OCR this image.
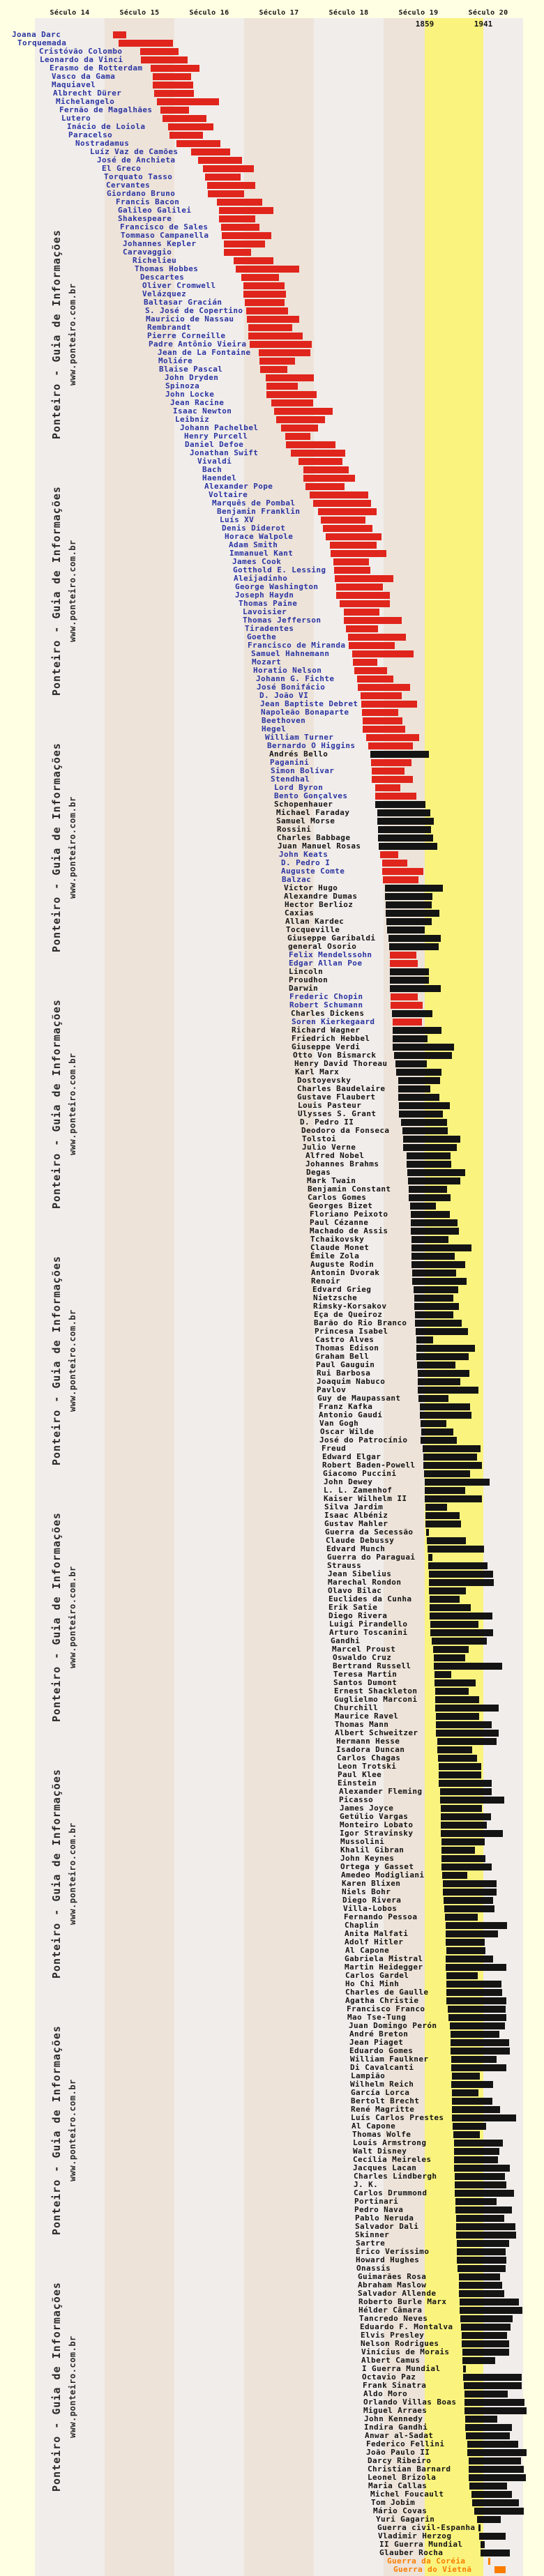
Século 14	Século 15	Século 16	Século 17	Século 18	Século 19	Século 20
1859	1941
Joana Darc
Torquemada
Cristóvão Colombo
Leonardo da Vinci
Erasmo de Rotterdam
Vasco da Gama
Maquiavel
Albrecht Dürer
Michelangelo
Fernão de Magalhães
Lutero
Inácio de Loiola
Paracelso
Nostradamus
Luíz Vaz de Camões
José de Anchieta
El Greco
Torquato Tasso
Cervantes
Giordano Bruno
Francis Bacon
Galileo Galilei
Shakespeare
Francisco de Sales
Tommaso Campanella
Johannes Kepler
Caravaggio
Richelieu
Thomas Hobbes
Descartes
Oliver Cromwell
Velázquez
Baltasar Gracián
S. José de Copertino
Mauricio de Nassau
Rembrandt
Pierre Corneille
Padre Antônio Vieira
Jean de La Fontaine
Moliére
Blaise Pascal
John Dryden
Spinoza
John Locke
Jean Racine
Isaac Newton
Leibniz
Johann Pachelbel
Henry Purcell
Daniel Defoe
Jonathan Swift
Vivaldi
Bach
Haendel
Alexander Pope
Voltaire
Marquês de Pombal
Benjamin Franklin
Luís XV
Denis Diderot
Horace Walpole
Adam Smith
Immanuel Kant
James Cook
Gotthold E. Lessing
Aleijadinho
George Washington
Joseph Haydn
Thomas Paine
Lavoisier
Thomas Jefferson
Tiradentes
Goethe
Francisco de Miranda
Samuel Hahnemann
Mozart
Horatio Nelson
Johann G. Fichte
José Bonifácio
D. João VI
Jean Baptiste Debret
Napoleão Bonaparte
Beethoven
Hegel
William Turner
Bernardo O Higgins
Andrés Bello
Paganini
Simon Bolívar
Stendhal
Lord Byron
Bento Gonçalves
Schopenhauer
Michael Faraday
Samuel Morse
Rossini
Charles Babbage
Juan Manuel Rosas
John Keats
D. Pedro I
Auguste Comte
Balzac
Victor Hugo
Alexandre Dumas
Hector Berlioz
Caxias
Allan Kardec
Tocqueville
Giuseppe Garibaldi
general Osorio
Felix Mendelssohn
Edgar Allan Poe
Lincoln
Proudhon
Darwin
Frederic Chopin
Robert Schumann
Charles Dickens
Soren Kierkegaard
Richard Wagner
Friedrich Hebbel
Giuseppe Verdi
Otto Von Bismarck
Henry David Thoreau
Karl Marx
Dostoyevsky
Charles Baudelaire
Gustave Flaubert
Louis Pasteur
Ulysses S. Grant
D. Pedro II
Deodoro da Fonseca
Tolstoi
Julio Verne
Alfred Nobel
Johannes Brahms
Degas
Mark Twain
Benjamin Constant
Carlos Gomes
Georges Bizet
Floriano Peixoto
Paul Cézanne
Machado de Assis
Tchaikovsky
Claude Monet
Émile Zola
Auguste Rodin
Antonin Dvorak
Renoir
Edvard Grieg
Nietzsche
Rimsky-Korsakov
Eça de Queiroz
Barão do Rio Branco
Princesa Isabel
Castro Alves
Thomas Edison
Graham Bell
Paul Gauguin
Rui Barbosa
Joaquim Nabuco
Pavlov
Guy de Maupassant
Franz Kafka
Antonio Gaudí
Van Gogh
Oscar Wilde
José do Patrocínio
Freud
Edward Elgar
Robert Baden-Powell
Giacomo Puccini
John Dewey
L. L. Zamenhof
Kaiser Wilhelm II
Silva Jardim
Isaac Albéniz
Gustav Mahler
Guerra da Secessão
Claude Debussy
Edvard Munch
Guerra do Paraguai
Strauss
Jean Sibelius
Marechal Rondon
Olavo Bilac
Euclides da Cunha
Erik Satie
Diego Rivera
Luigi Pirandello
Arturo Toscanini
Gandhi
Marcel Proust
Oswaldo Cruz
Bertrand Russell
Teresa Martin
Santos Dumont
Ernest Shackleton
Guglielmo Marconi
Churchill
Maurice Ravel
Thomas Mann
Albert Schweitzer
Hermann Hesse
Isadora Duncan
Carlos Chagas
Leon Trotski
Paul Klee
Einstein
Alexander Fleming
Picasso
James Joyce
Getúlio Vargas
Monteiro Lobato
Igor Stravinsky
Mussolini
Khalil Gibran
John Keynes
Ortega y Gasset
Amedeo Modigliani
Karen Blixen
Niels Bohr
Diego Rivera
Villa-Lobos
Fernando Pessoa
Chaplin
Anita Malfati
Adolf Hitler
Al Capone
Gabriela Mistral
Martin Heidegger
Carlos Gardel
Ho Chi Minh
Charles de Gaulle
Agatha Christie
Francisco Franco
Mao Tse-Tung
Juan Domingo Perón
André Breton
Jean Piaget
Eduardo Gomes
William Faulkner
Di Cavalcanti
Lampião
Wilhelm Reich
García Lorca
Bertolt Brecht
René Magritte
Luís Carlos Prestes
Al Capone
Thomas Wolfe
Louis Armstrong
Walt Disney
Cecília Meireles
Jacques Lacan
Charles Lindbergh
J. K.
Carlos Drummond
Portinari
Pedro Nava
Pablo Neruda
Salvador Dali
Skinner
Sartre
Érico Veríssimo
Howard Hughes
Onassis
Guimarães Rosa
Abraham Maslow
Salvador Allende
Roberto Burle Marx
Hélder Câmara
Tancredo Neves
Eduardo F. Montalva
Elvis Presley
Nelson Rodrigues
Vinícius de Morais
Albert Camus
I Guerra Mundial
Octavio Paz
Frank Sinatra
Aldo Moro
Orlando Villas Boas
Miguel Arraes
John Kennedy
Indira Gandhi
Anwar al-Sadat
Federico Fellini
João Paulo II
Darcy Ribeiro
Christian Barnard
Leonel Brizola
Maria Callas
Michel Foucault
Tom Jobim
Mário Covas
Yuri Gagarin
Guerra civil-Espanha
Vladimir Herzog
II Guerra Mundial
Glauber Rocha
Guerra da Coréia
Guerra do Vietnã
Ponteiro - Guia de Informações www.ponteiro.com.br
Ponteiro - Guia de Informações www.ponteiro.com.br
Ponteiro - Guia de Informações www.ponteiro.com.br
Ponteiro - Guia de Informações www.ponteiro.com.br
Ponteiro - Guia de Informações www.ponteiro.com.br
Ponteiro - Guia de Informações www.ponteiro.com.br
Ponteiro - Guia de Informações www.ponteiro.com.br
Ponteiro - Guia de Informações www.ponteiro.com.br
Ponteiro - Guia de Informações www.ponteiro.com.br
